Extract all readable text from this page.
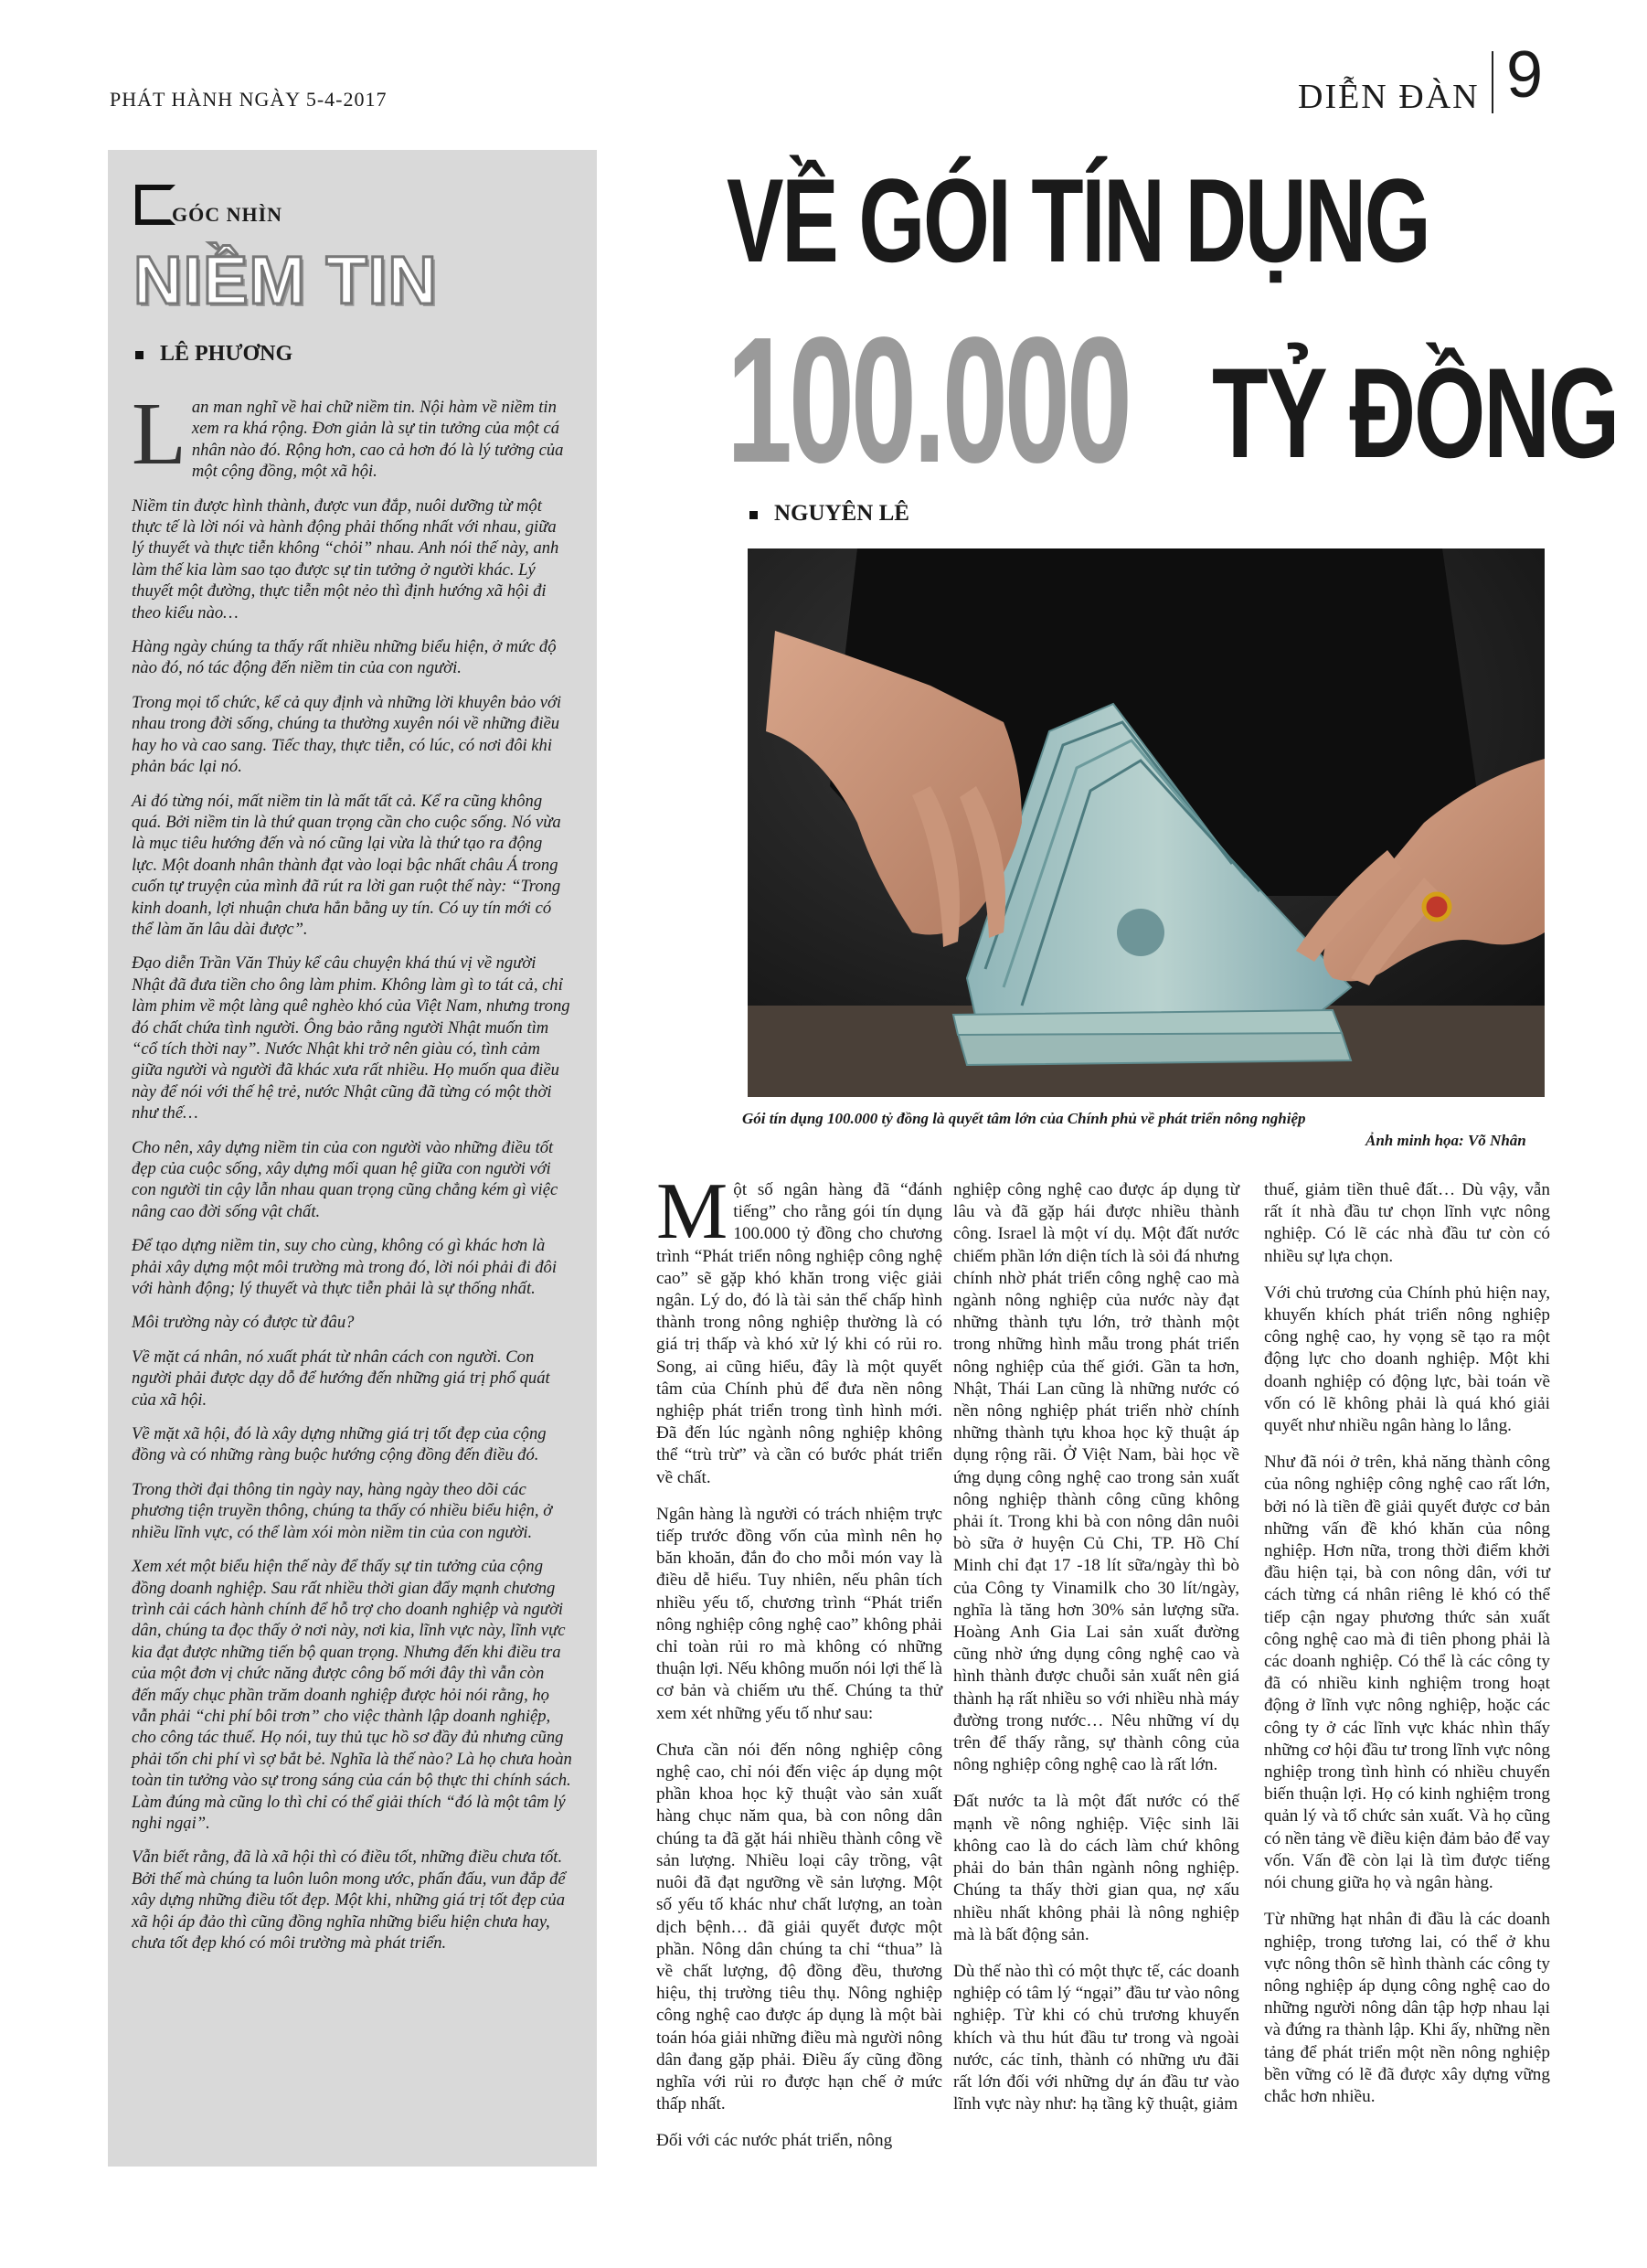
PHÁT HÀNH NGÀY 5-4-2017	DIỄN ĐÀN 9
GÓC NHÌN
NIỀM TIN
LÊ PHƯƠNG

Lan man nghĩ về hai chữ niềm tin. Nội hàm về niềm tin xem ra khá rộng. Đơn giản là sự tin tưởng của một cá nhân nào đó. Rộng hơn, cao cả hơn đó là lý tưởng của một cộng đồng, một xã hội.

Niềm tin được hình thành, được vun đắp, nuôi dưỡng từ một thực tế là lời nói và hành động phải thống nhất với nhau, giữa lý thuyết và thực tiễn không “chỏi” nhau. Anh nói thế này, anh làm thế kia làm sao tạo được sự tin tưởng ở người khác. Lý thuyết một đường, thực tiễn một nẻo thì định hướng xã hội đi theo kiểu nào…

Hàng ngày chúng ta thấy rất nhiều những biểu hiện, ở mức độ nào đó, nó tác động đến niềm tin của con người.

Trong mọi tổ chức, kể cả quy định và những lời khuyên bảo với nhau trong đời sống, chúng ta thường xuyên nói về những điều hay ho và cao sang. Tiếc thay, thực tiễn, có lúc, có nơi đôi khi phản bác lại nó.

Ai đó từng nói, mất niềm tin là mất tất cả. Kể ra cũng không quá. Bởi niềm tin là thứ quan trọng cần cho cuộc sống. Nó vừa là mục tiêu hướng đến và nó cũng lại vừa là thứ tạo ra động lực. Một doanh nhân thành đạt vào loại bậc nhất châu Á trong cuốn tự truyện của mình đã rút ra lời gan ruột thế này: “Trong kinh doanh, lợi nhuận chưa hẳn bằng uy tín. Có uy tín mới có thể làm ăn lâu dài được”.

Đạo diễn Trần Văn Thủy kể câu chuyện khá thú vị về người Nhật đã đưa tiền cho ông làm phim. Không làm gì to tát cả, chỉ làm phim về một làng quê nghèo khó của Việt Nam, nhưng trong đó chất chứa tình người. Ông bảo rằng người Nhật muốn tìm “cổ tích thời nay”. Nước Nhật khi trở nên giàu có, tình cảm giữa người và người đã khác xưa rất nhiều. Họ muốn qua điều này để nói với thế hệ trẻ, nước Nhật cũng đã từng có một thời như thế…

Cho nên, xây dựng niềm tin của con người vào những điều tốt đẹp của cuộc sống, xây dựng mối quan hệ giữa con người với con người tin cậy lẫn nhau quan trọng cũng chẳng kém gì việc nâng cao đời sống vật chất.

Để tạo dựng niềm tin, suy cho cùng, không có gì khác hơn là phải xây dựng một môi trường mà trong đó, lời nói phải đi đôi với hành động; lý thuyết và thực tiễn phải là sự thống nhất.

Môi trường này có được từ đâu?

Về mặt cá nhân, nó xuất phát từ nhân cách con người. Con người phải được dạy dỗ để hướng đến những giá trị phổ quát của xã hội.

Về mặt xã hội, đó là xây dựng những giá trị tốt đẹp của cộng đồng và có những ràng buộc hướng cộng đồng đến điều đó.

Trong thời đại thông tin ngày nay, hàng ngày theo dõi các phương tiện truyền thông, chúng ta thấy có nhiều biểu hiện, ở nhiều lĩnh vực, có thể làm xói mòn niềm tin của con người.

Xem xét một biểu hiện thế này để thấy sự tin tưởng của cộng đồng doanh nghiệp. Sau rất nhiều thời gian đẩy mạnh chương trình cải cách hành chính để hỗ trợ cho doanh nghiệp và người dân, chúng ta đọc thấy ở nơi này, nơi kia, lĩnh vực này, lĩnh vực kia đạt được những tiến bộ quan trọng. Nhưng đến khi điều tra của một đơn vị chức năng được công bố mới đây thì vẫn còn đến mấy chục phần trăm doanh nghiệp được hỏi nói rằng, họ vẫn phải “chi phí bôi trơn” cho việc thành lập doanh nghiệp, cho công tác thuế. Họ nói, tuy thủ tục hồ sơ đầy đủ nhưng cũng phải tốn chi phí vì sợ bắt bẻ. Nghĩa là thế nào? Là họ chưa hoàn toàn tin tưởng vào sự trong sáng của cán bộ thực thi chính sách. Làm đúng mà cũng lo thì chỉ có thể giải thích “đó là một tâm lý nghi ngại”.

Vẫn biết rằng, đã là xã hội thì có điều tốt, những điều chưa tốt. Bởi thế mà chúng ta luôn luôn mong ước, phấn đấu, vun đắp để xây dựng những điều tốt đẹp. Một khi, những giá trị tốt đẹp của xã hội áp đảo thì cũng đồng nghĩa những biểu hiện chưa hay, chưa tốt đẹp khó có môi trường mà phát triển.

VỀ GÓI TÍN DỤNG
100.000 TỶ ĐỒNG
NGUYÊN LÊ
Gói tín dụng 100.000 tỷ đồng là quyết tâm lớn của Chính phủ về phát triển nông nghiệp
Ảnh minh họa: Võ Nhân

Một số ngân hàng đã “đánh tiếng” cho rằng gói tín dụng 100.000 tỷ đồng cho chương trình “Phát triển nông nghiệp công nghệ cao” sẽ gặp khó khăn trong việc giải ngân. Lý do, đó là tài sản thế chấp hình thành trong nông nghiệp thường là có giá trị thấp và khó xử lý khi có rủi ro. Song, ai cũng hiểu, đây là một quyết tâm của Chính phủ để đưa nền nông nghiệp phát triển trong tình hình mới. Đã đến lúc ngành nông nghiệp không thể “trù trừ” và cần có bước phát triển về chất.

Ngân hàng là người có trách nhiệm trực tiếp trước đồng vốn của mình nên họ băn khoăn, đắn đo cho mỗi món vay là điều dễ hiểu. Tuy nhiên, nếu phân tích nhiều yếu tố, chương trình “Phát triển nông nghiệp công nghệ cao” không phải chỉ toàn rủi ro mà không có những thuận lợi. Nếu không muốn nói lợi thế là cơ bản và chiếm ưu thế. Chúng ta thử xem xét những yếu tố như sau:

Chưa cần nói đến nông nghiệp công nghệ cao, chỉ nói đến việc áp dụng một phần khoa học kỹ thuật vào sản xuất hàng chục năm qua, bà con nông dân chúng ta đã gặt hái nhiều thành công về sản lượng. Nhiều loại cây trồng, vật nuôi đã đạt ngưỡng về sản lượng. Một số yếu tố khác như chất lượng, an toàn dịch bệnh… đã giải quyết được một phần. Nông dân chúng ta chỉ “thua” là về chất lượng, độ đồng đều, thương hiệu, thị trường tiêu thụ. Nông nghiệp công nghệ cao được áp dụng là một bài toán hóa giải những điều mà người nông dân đang gặp phải. Điều ấy cũng đồng nghĩa với rủi ro được hạn chế ở mức thấp nhất.

Đối với các nước phát triển, nông

nghiệp công nghệ cao được áp dụng từ lâu và đã gặp hái được nhiều thành công. Israel là một ví dụ. Một đất nước chiếm phần lớn diện tích là sỏi đá nhưng chính nhờ phát triển công nghệ cao mà ngành nông nghiệp của nước này đạt những thành tựu lớn, trở thành một trong những hình mẫu trong phát triển nông nghiệp của thế giới. Gần ta hơn, Nhật, Thái Lan cũng là những nước có nền nông nghiệp phát triển nhờ chính những thành tựu khoa học kỹ thuật áp dụng rộng rãi. Ở Việt Nam, bài học về ứng dụng công nghệ cao trong sản xuất nông nghiệp thành công cũng không phải ít. Trong khi bà con nông dân nuôi bò sữa ở huyện Củ Chi, TP. Hồ Chí Minh chỉ đạt 17 -18 lít sữa/ngày thì bò của Công ty Vinamilk cho 30 lít/ngày, nghĩa là tăng hơn 30% sản lượng sữa. Hoàng Anh Gia Lai sản xuất đường cũng nhờ ứng dụng công nghệ cao và hình thành được chuỗi sản xuất nên giá thành hạ rất nhiều so với nhiều nhà máy đường trong nước… Nêu những ví dụ trên để thấy rằng, sự thành công của nông nghiệp công nghệ cao là rất lớn.

Đất nước ta là một đất nước có thế mạnh về nông nghiệp. Việc sinh lãi không cao là do cách làm chứ không phải do bản thân ngành nông nghiệp. Chúng ta thấy thời gian qua, nợ xấu nhiều nhất không phải là nông nghiệp mà là bất động sản.

Dù thế nào thì có một thực tế, các doanh nghiệp có tâm lý “ngại” đầu tư vào nông nghiệp. Từ khi có chủ trương khuyến khích và thu hút đầu tư trong và ngoài nước, các tỉnh, thành có những ưu đãi rất lớn đối với những dự án đầu tư vào lĩnh vực này như: hạ tầng kỹ thuật, giảm

thuế, giảm tiền thuê đất… Dù vậy, vẫn rất ít nhà đầu tư chọn lĩnh vực nông nghiệp. Có lẽ các nhà đầu tư còn có nhiều sự lựa chọn.

Với chủ trương của Chính phủ hiện nay, khuyến khích phát triển nông nghiệp công nghệ cao, hy vọng sẽ tạo ra một động lực cho doanh nghiệp. Một khi doanh nghiệp có động lực, bài toán về vốn có lẽ không phải là quá khó giải quyết như nhiều ngân hàng lo lắng.

Như đã nói ở trên, khả năng thành công của nông nghiệp công nghệ cao rất lớn, bởi nó là tiền đề giải quyết được cơ bản những vấn đề khó khăn của nông nghiệp. Hơn nữa, trong thời điểm khởi đầu hiện tại, bà con nông dân, với tư cách từng cá nhân riêng lẻ khó có thể tiếp cận ngay phương thức sản xuất công nghệ cao mà đi tiên phong phải là các doanh nghiệp. Có thể là các công ty đã có nhiều kinh nghiệm trong hoạt động ở lĩnh vực nông nghiệp, hoặc các công ty ở các lĩnh vực khác nhìn thấy những cơ hội đầu tư trong lĩnh vực nông nghiệp trong tình hình có nhiều chuyển biến thuận lợi. Họ có kinh nghiệm trong quản lý và tổ chức sản xuất. Và họ cũng có nền tảng về điều kiện đảm bảo để vay vốn. Vấn đề còn lại là tìm được tiếng nói chung giữa họ và ngân hàng.

Từ những hạt nhân đi đầu là các doanh nghiệp, trong tương lai, có thể ở khu vực nông thôn sẽ hình thành các công ty nông nghiệp áp dụng công nghệ cao do những người nông dân tập hợp nhau lại và đứng ra thành lập. Khi ấy, những nền tảng để phát triển một nền nông nghiệp bền vững có lẽ đã được xây dựng vững chắc hơn nhiều.
